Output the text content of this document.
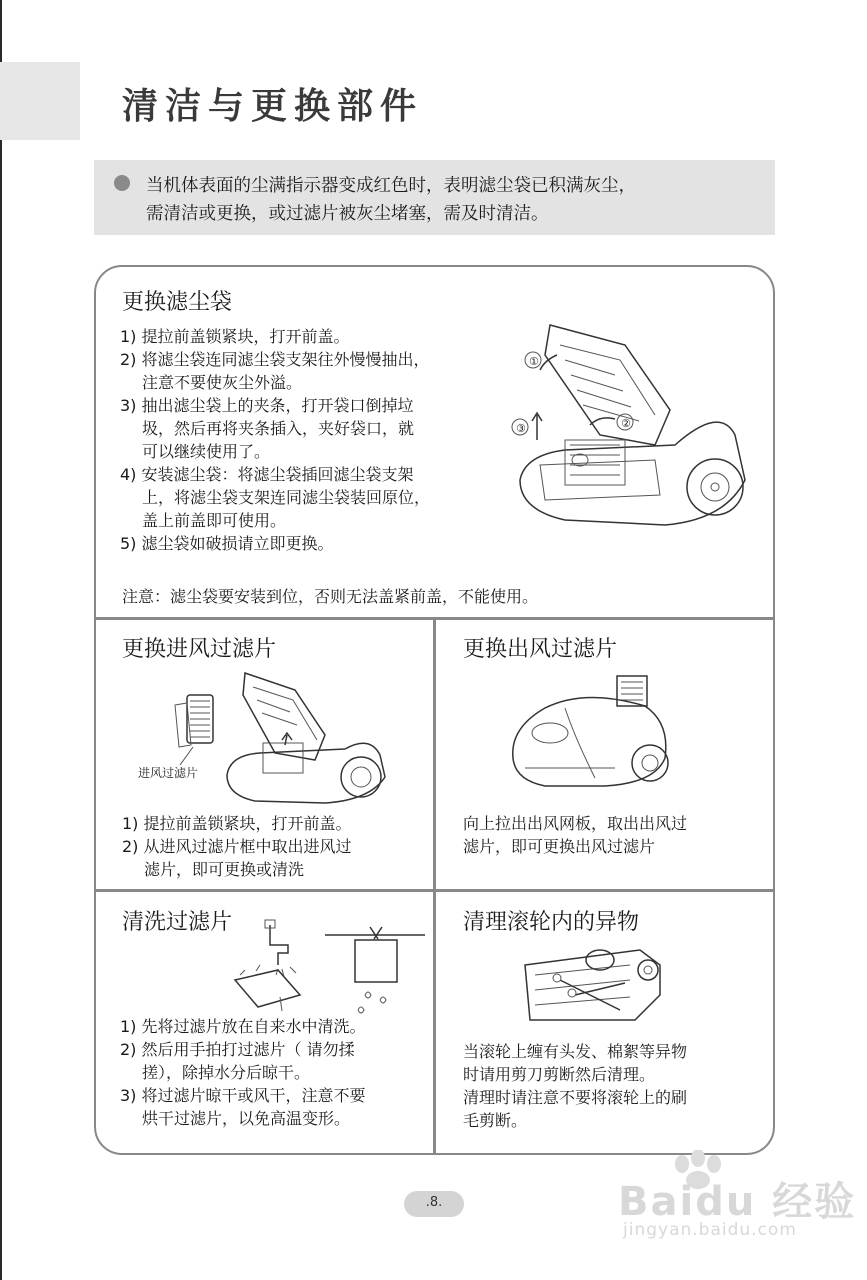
清洁与更换部件
当机体表面的尘满指示器变成红色时，表明滤尘袋已积满灰尘，
需清洁或更换，或过滤片被灰尘堵塞，需及时清洁。
更换滤尘袋
1) 提拉前盖锁紧块，打开前盖。
2) 将滤尘袋连同滤尘袋支架往外慢慢抽出，
注意不要使灰尘外溢。
3) 抽出滤尘袋上的夹条，打开袋口倒掉垃
圾，然后再将夹条插入，夹好袋口，就
可以继续使用了。
4) 安装滤尘袋：将滤尘袋插回滤尘袋支架
上，将滤尘袋支架连同滤尘袋装回原位，
盖上前盖即可使用。
5) 滤尘袋如破损请立即更换。
注意：滤尘袋要安装到位，否则无法盖紧前盖，不能使用。
①
②
③
更换进风过滤片
进风过滤片
1) 提拉前盖锁紧块，打开前盖。
2) 从进风过滤片框中取出进风过
滤片，即可更换或清洗
更换出风过滤片
向上拉出出风网板，取出出风过
滤片，即可更换出风过滤片
清洗过滤片
1) 先将过滤片放在自来水中清洗。
2) 然后用手拍打过滤片（ 请勿揉
搓），除掉水分后晾干。
3) 将过滤片晾干或风干，注意不要
烘干过滤片，以免高温变形。
清理滚轮内的异物
当滚轮上缠有头发、棉絮等异物
时请用剪刀剪断然后清理。
清理时请注意不要将滚轮上的刷
毛剪断。
.8.	Baidu 经验
jingyan.baidu.com
